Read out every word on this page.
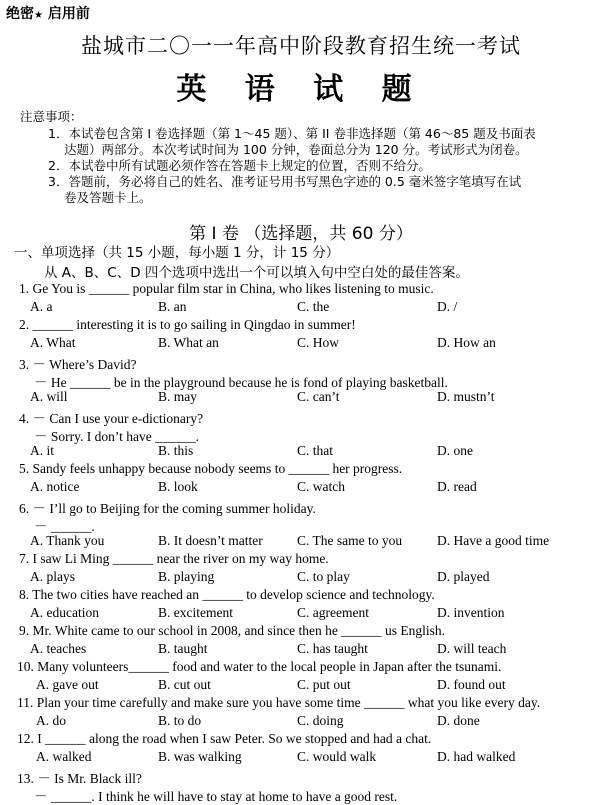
绝密★ 启用前
盐城市二〇一一年高中阶段教育招生统一考试
英 语 试 题
注意事项：
1．本试卷包含第 I 卷选择题（第 1～45 题）、第 II 卷非选择题（第 46～85 题及书面表
达题）两部分。本次考试时间为 100 分钟，卷面总分为 120 分。考试形式为闭卷。
2．本试卷中所有试题必须作答在答题卡上规定的位置，否则不给分。
3．答题前，务必将自己的姓名、准考证号用书写黑色字迹的 0.5 毫米签字笔填写在试
卷及答题卡上。
第 I 卷 （选择题，共 60 分）
一、单项选择（共 15 小题，每小题 1 分，计 15 分）
从 A、B、C、D 四个选项中选出一个可以填入句中空白处的最佳答案。
1. Ge You is ______ popular film star in China, who likes listening to music.
A. a	B. an	C. the	D. /
2. ______ interesting it is to go sailing in Qingdao in summer!
A. What	B. What an	C. How	D. How an
3. － Where’s David?
－ He ______ be in the playground because he is fond of playing basketball.
A. will	B. may	C. can’t	D. mustn’t
4. － Can I use your e-dictionary?
－ Sorry. I don’t have ______.
A. it	B. this	C. that	D. one
5. Sandy feels unhappy because nobody seems to ______ her progress.
A. notice	B. look	C. watch	D. read
6. － I’ll go to Beijing for the coming summer holiday.
－ ______.
A. Thank you	B. It doesn’t matter	C. The same to you	D. Have a good time
7. I saw Li Ming ______ near the river on my way home.
A. plays	B. playing	C. to play	D. played
8. The two cities have reached an ______ to develop science and technology.
A. education	B. excitement	C. agreement	D. invention
9. Mr. White came to our school in 2008, and since then he ______ us English.
A. teaches	B. taught	C. has taught	D. will teach
10. Many volunteers______ food and water to the local people in Japan after the tsunami.
A. gave out	B. cut out	C. put out	D. found out
11. Plan your time carefully and make sure you have some time ______ what you like every day.
A. do	B. to do	C. doing	D. done
12. I ______ along the road when I saw Peter. So we stopped and had a chat.
A. walked	B. was walking	C. would walk	D. had walked
13. － Is Mr. Black ill?
－ ______. I think he will have to stay at home to have a good rest.
